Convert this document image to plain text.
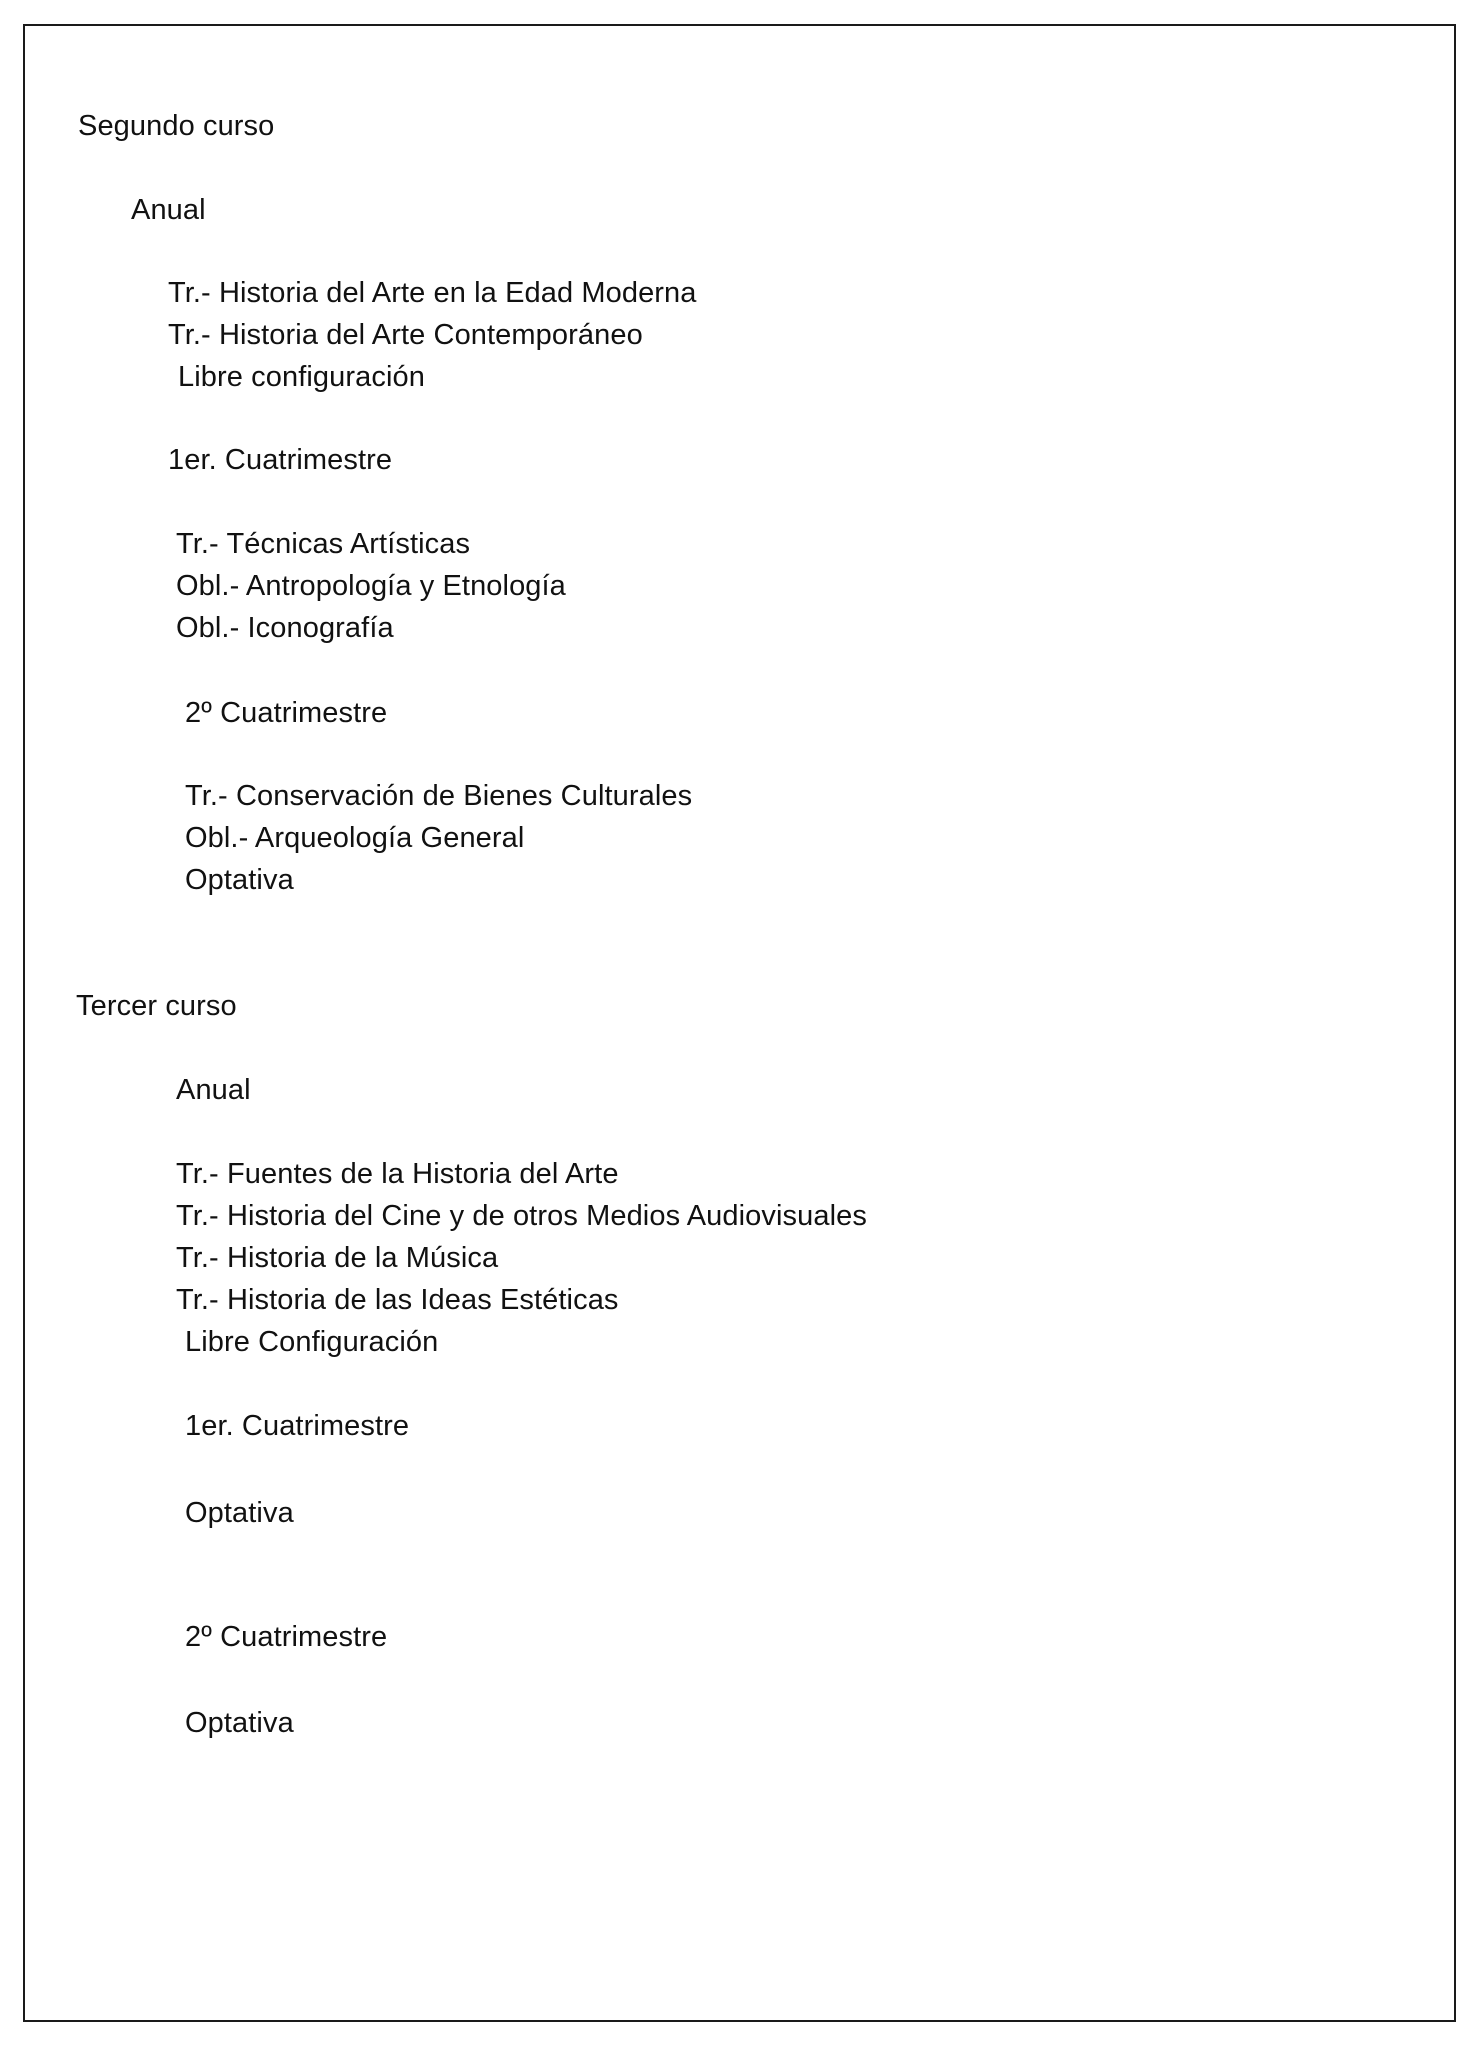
Segundo curso
Anual
Tr.- Historia del Arte en la Edad Moderna
Tr.- Historia del Arte Contemporáneo
Libre configuración
1er. Cuatrimestre
Tr.- Técnicas Artísticas
Obl.- Antropología y Etnología
Obl.- Iconografía
2º Cuatrimestre
Tr.- Conservación de Bienes Culturales
Obl.- Arqueología General
Optativa
Tercer curso
Anual
Tr.- Fuentes de la Historia del Arte
Tr.- Historia del Cine y de otros Medios Audiovisuales
Tr.- Historia de la Música
Tr.- Historia de las Ideas Estéticas
Libre Configuración
1er. Cuatrimestre
Optativa
2º Cuatrimestre
Optativa
